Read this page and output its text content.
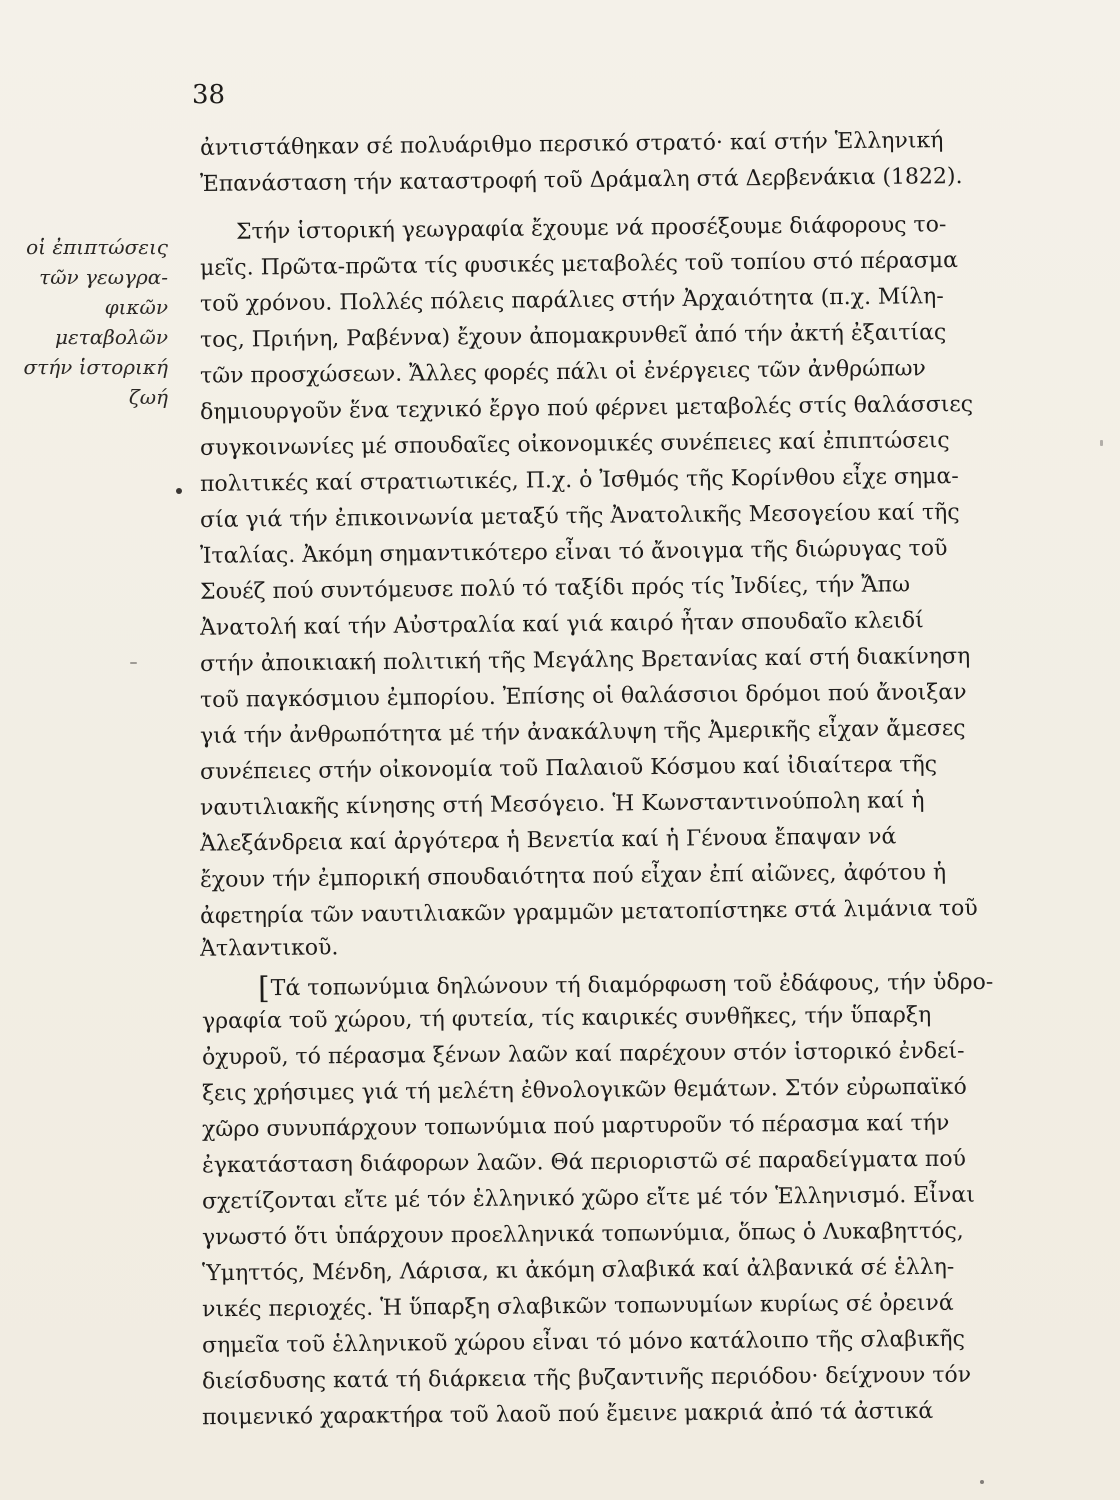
38
οἱ ἐπιπτώσεις
τῶν γεωγρα-
φικῶν
μεταβολῶν
στήν ἱστορική
ζωή
ἀντιστάθηκαν σέ πολυάριθμο περσικό στρατό· καί στήν Ἑλληνική
Ἐπανάσταση τήν καταστροφή τοῦ Δράμαλη στά Δερβενάκια (1822).
Στήν ἱστορική γεωγραφία ἔχουμε νά προσέξουμε διάφορους το-
μεῖς. Πρῶτα-πρῶτα τίς φυσικές μεταβολές τοῦ τοπίου στό πέρασμα
τοῦ χρόνου. Πολλές πόλεις παράλιες στήν Ἀρχαιότητα (π.χ. Μίλη-
τος, Πριήνη, Ραβέννα) ἔχουν ἀπομακρυνθεῖ ἀπό τήν ἀκτή ἐξαιτίας
τῶν προσχώσεων. Ἄλλες φορές πάλι οἱ ἐνέργειες τῶν ἀνθρώπων
δημιουργοῦν ἕνα τεχνικό ἔργο πού φέρνει μεταβολές στίς θαλάσσιες
συγκοινωνίες μέ σπουδαῖες οἰκονομικές συνέπειες καί ἐπιπτώσεις
πολιτικές καί στρατιωτικές, Π.χ. ὁ Ἰσθμός τῆς Κορίνθου εἶχε σημα-
σία γιά τήν ἐπικοινωνία μεταξύ τῆς Ἀνατολικῆς Μεσογείου καί τῆς
Ἰταλίας. Ἀκόμη σημαντικότερο εἶναι τό ἄνοιγμα τῆς διώρυγας τοῦ
Σουέζ πού συντόμευσε πολύ τό ταξίδι πρός τίς Ἰνδίες, τήν Ἄπω
Ἀνατολή καί τήν Αὐστραλία καί γιά καιρό ἦταν σπουδαῖο κλειδί
στήν ἀποικιακή πολιτική τῆς Μεγάλης Βρετανίας καί στή διακίνηση
τοῦ παγκόσμιου ἐμπορίου. Ἐπίσης οἱ θαλάσσιοι δρόμοι πού ἄνοιξαν
γιά τήν ἀνθρωπότητα μέ τήν ἀνακάλυψη τῆς Ἀμερικῆς εἶχαν ἄμεσες
συνέπειες στήν οἰκονομία τοῦ Παλαιοῦ Κόσμου καί ἰδιαίτερα τῆς
ναυτιλιακῆς κίνησης στή Μεσόγειο. Ἡ Κωνσταντινούπολη καί ἡ
Ἀλεξάνδρεια καί ἀργότερα ἡ Βενετία καί ἡ Γένουα ἔπαψαν νά
ἔχουν τήν ἐμπορική σπουδαιότητα πού εἶχαν ἐπί αἰῶνες, ἀφότου ἡ
ἀφετηρία τῶν ναυτιλιακῶν γραμμῶν μετατοπίστηκε στά λιμάνια τοῦ
Ἀτλαντικοῦ.
[Τά τοπωνύμια δηλώνουν τή διαμόρφωση τοῦ ἐδάφους, τήν ὑδρο-
γραφία τοῦ χώρου, τή φυτεία, τίς καιρικές συνθῆκες, τήν ὕπαρξη
ὀχυροῦ, τό πέρασμα ξένων λαῶν καί παρέχουν στόν ἱστορικό ἐνδεί-
ξεις χρήσιμες γιά τή μελέτη ἐθνολογικῶν θεμάτων. Στόν εὐρωπαϊκό
χῶρο συνυπάρχουν τοπωνύμια πού μαρτυροῦν τό πέρασμα καί τήν
ἐγκατάσταση διάφορων λαῶν. Θά περιοριστῶ σέ παραδείγματα πού
σχετίζονται εἴτε μέ τόν ἑλληνικό χῶρο εἴτε μέ τόν Ἑλληνισμό. Εἶναι
γνωστό ὅτι ὑπάρχουν προελληνικά τοπωνύμια, ὅπως ὁ Λυκαβηττός,
Ὑμηττός, Μένδη, Λάρισα, κι ἀκόμη σλαβικά καί ἀλβανικά σέ ἑλλη-
νικές περιοχές. Ἡ ὕπαρξη σλαβικῶν τοπωνυμίων κυρίως σέ ὀρεινά
σημεῖα τοῦ ἑλληνικοῦ χώρου εἶναι τό μόνο κατάλοιπο τῆς σλαβικῆς
διείσδυσης κατά τή διάρκεια τῆς βυζαντινῆς περιόδου· δείχνουν τόν
ποιμενικό χαρακτήρα τοῦ λαοῦ πού ἔμεινε μακριά ἀπό τά ἀστικά
